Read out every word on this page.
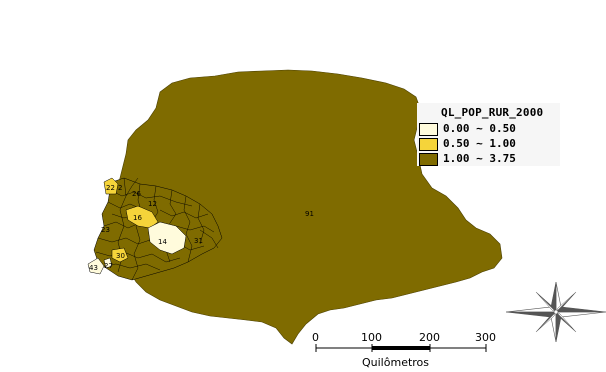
91
14
16
22 2
26
12
23
27
30
31
43
0	100	200	300
Quilômetros
QL_POP_RUR_2000
0.00 ~ 0.50
0.50 ~ 1.00
1.00 ~ 3.75
